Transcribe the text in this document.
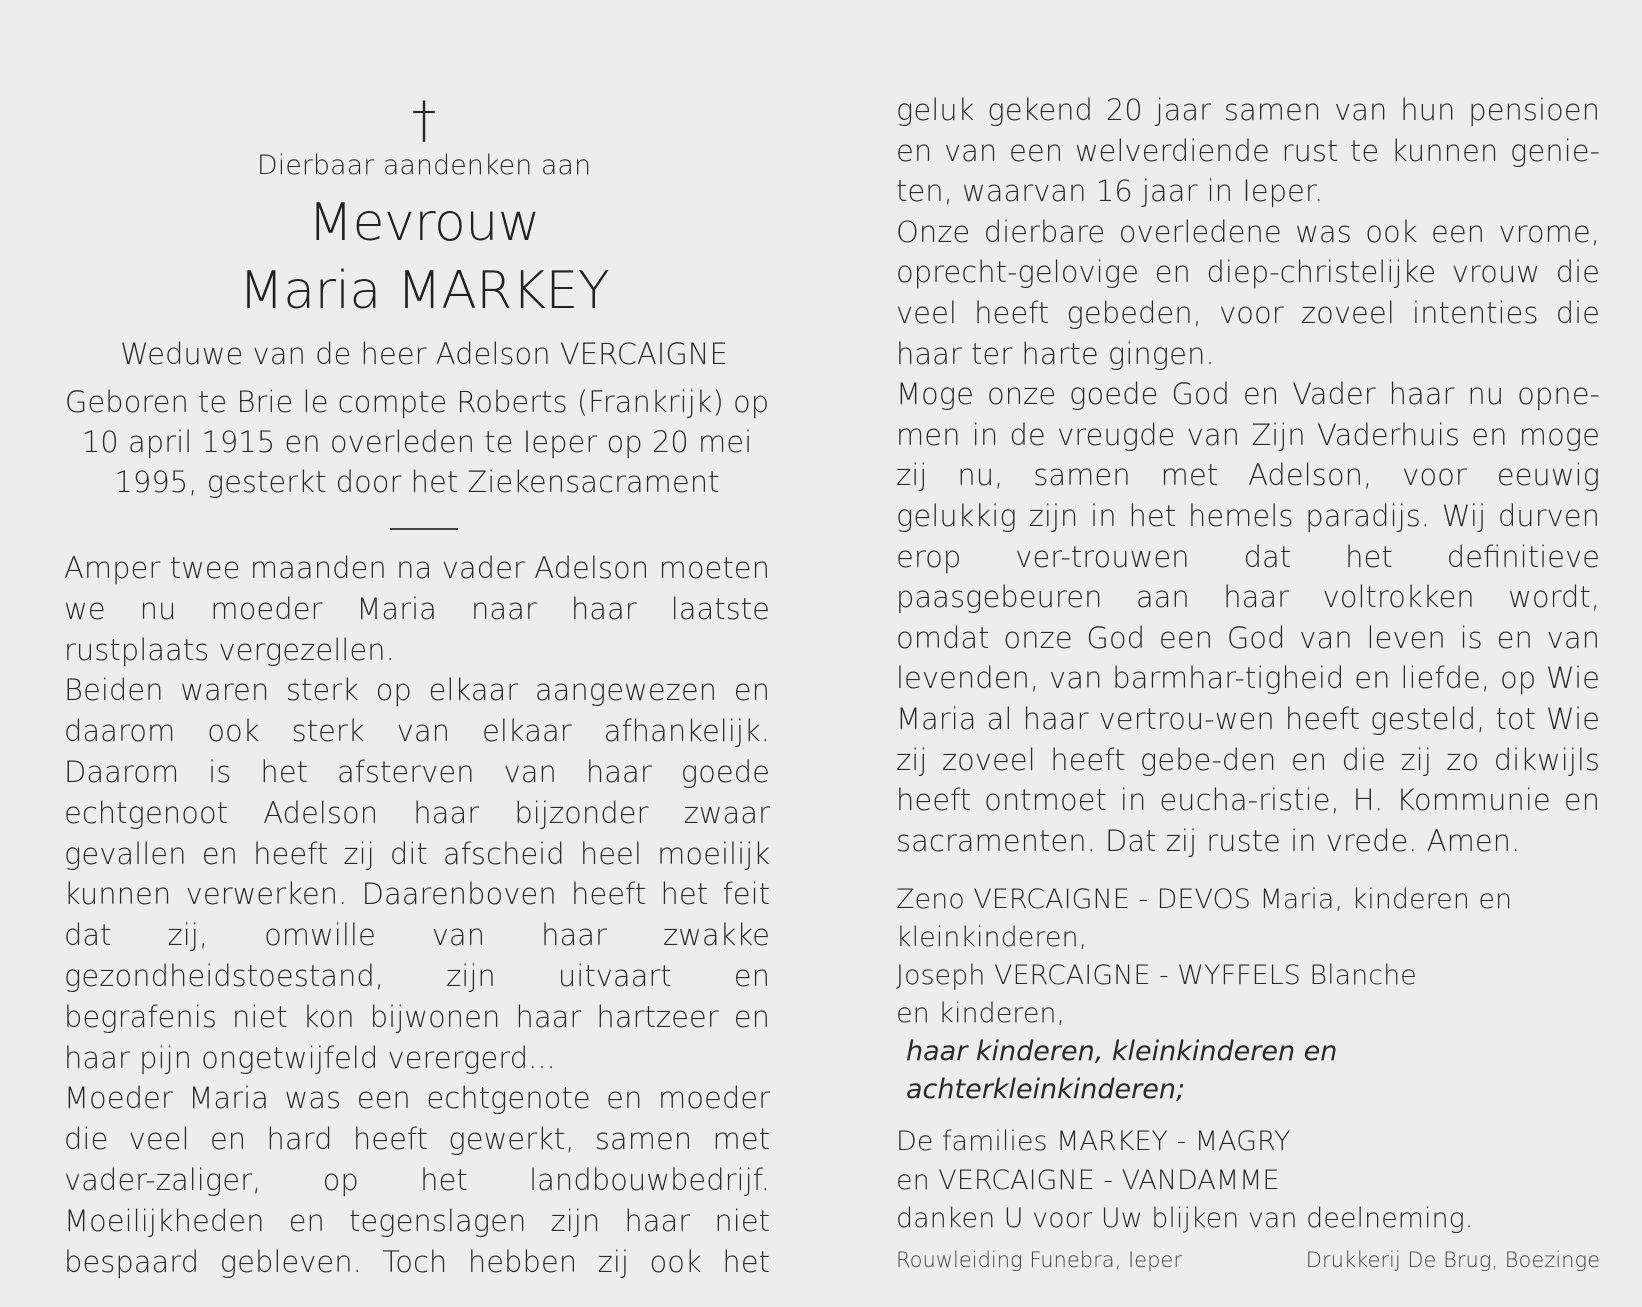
†
Dierbaar aandenken aan
Mevrouw
Maria MARKEY
Weduwe van de heer Adelson VERCAIGNE
Geboren te Brie le compte Roberts (Frankrijk) op
10 april 1915 en overleden te Ieper op 20 mei
1995, gesterkt door het Ziekensacrament

Amper twee maanden na vader Adelson moeten we nu moeder Maria naar haar laatste rustplaats vergezellen.

Beiden waren sterk op elkaar aangewezen en daarom ook sterk van elkaar afhankelijk. Daarom is het afsterven van haar goede echtgenoot Adelson haar bijzonder zwaar gevallen en heeft zij dit afscheid heel moeilijk kunnen verwerken. Daarenboven heeft het feit dat zij, omwille van haar zwakke gezondheidstoestand, zijn uitvaart en begrafenis niet kon bijwonen haar hartzeer en haar pijn ongetwijfeld verergerd...

Moeder Maria was een echtgenote en moeder die veel en hard heeft gewerkt, samen met vader-zaliger, op het landbouwbedrijf. Moeilijkheden en tegenslagen zijn haar niet bespaard gebleven. Toch hebben zij ook het

geluk gekend 20 jaar samen van hun pensioen en van een welverdiende rust te kunnen genie-ten, waarvan 16 jaar in Ieper.

Onze dierbare overledene was ook een vrome, oprecht-gelovige en diep-christelijke vrouw die veel heeft gebeden, voor zoveel intenties die haar ter harte gingen.

Moge onze goede God en Vader haar nu opne-men in de vreugde van Zijn Vaderhuis en moge zij nu, samen met Adelson, voor eeuwig gelukkig zijn in het hemels paradijs. Wij durven erop ver-trouwen dat het definitieve paasgebeuren aan haar voltrokken wordt, omdat onze God een God van leven is en van levenden, van barmhar-tigheid en liefde, op Wie Maria al haar vertrou-wen heeft gesteld, tot Wie zij zoveel heeft gebe-den en die zij zo dikwijls heeft ontmoet in eucha-ristie, H. Kommunie en sacramenten. Dat zij ruste in vrede. Amen.

Zeno VERCAIGNE - DEVOS Maria, kinderen en
kleinkinderen,
Joseph VERCAIGNE - WYFFELS Blanche
en kinderen,
haar kinderen, kleinkinderen en achterkleinkinderen;
De families MARKEY - MAGRY
en VERCAIGNE - VANDAMME
danken U voor Uw blijken van deelneming.
Rouwleiding Funebra, Ieper	Drukkerij De Brug, Boezinge
